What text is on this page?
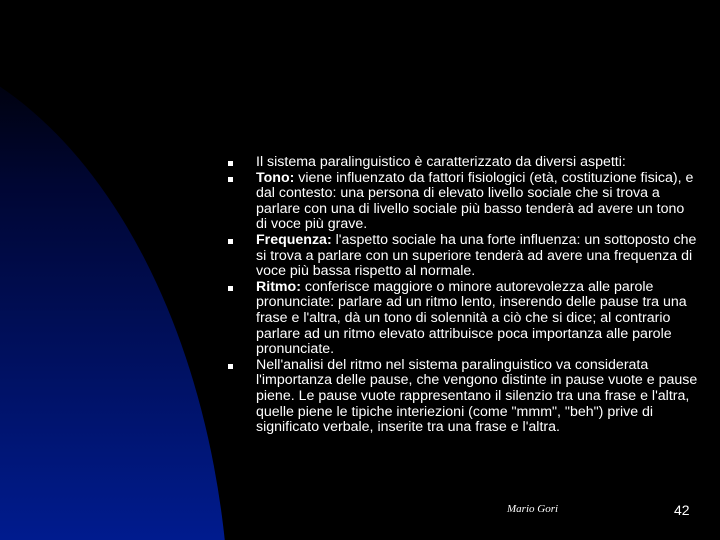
Il sistema paralinguistico è caratterizzato da diversi aspetti:
Tono: viene influenzato da fattori fisiologici (età, costituzione fisica), e dal contesto: una persona di elevato livello sociale che si trova a parlare con una di livello sociale più basso tenderà ad avere un tono di voce più grave.
Frequenza: l'aspetto sociale ha una forte influenza: un sottoposto che si trova a parlare con un superiore tenderà ad avere una frequenza di voce più bassa rispetto al normale.
Ritmo: conferisce maggiore o minore autorevolezza alle parole pronunciate: parlare ad un ritmo lento, inserendo delle pause tra una frase e l'altra, dà un tono di solennità a ciò che si dice; al contrario parlare ad un ritmo elevato attribuisce poca importanza alle parole pronunciate.
Nell'analisi del ritmo nel sistema paralinguistico va considerata l'importanza delle pause, che vengono distinte in pause vuote e pause piene. Le pause vuote rappresentano il silenzio tra una frase e l'altra, quelle piene le tipiche interiezioni (come "mmm", "beh") prive di significato verbale, inserite tra una frase e l'altra.
Mario Gori	42
